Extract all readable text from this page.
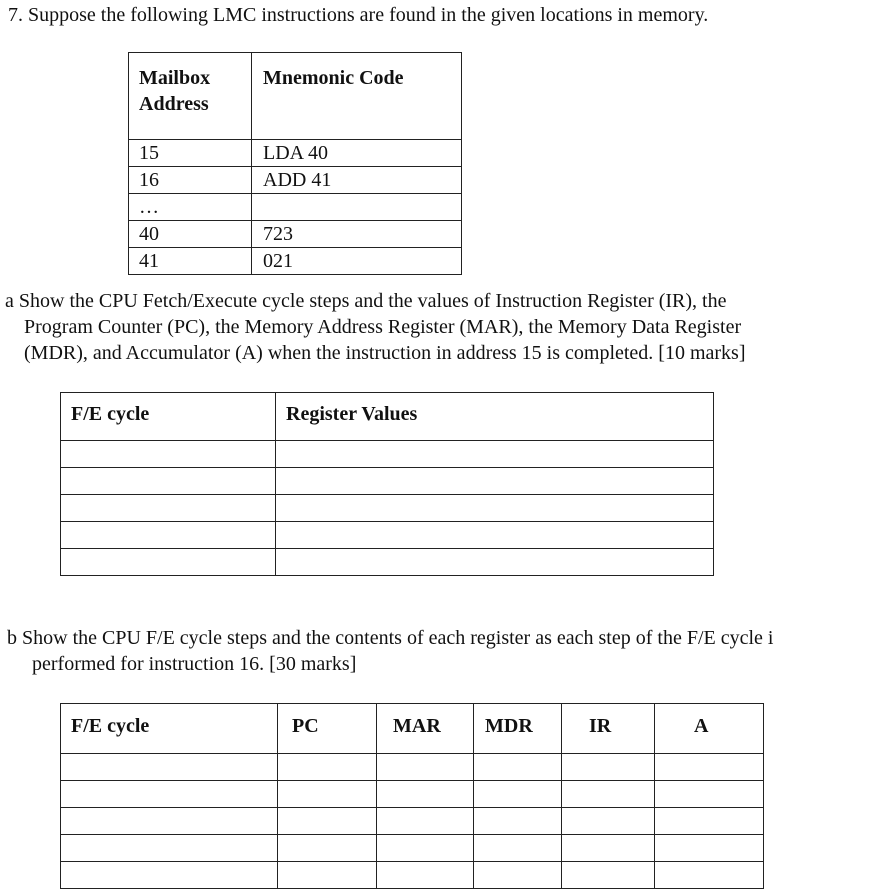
7. Suppose the following LMC instructions are found in the given locations in memory.
Mailbox
Address	Mnemonic Code
15	LDA 40
16	ADD 41
…	
40	723
41	021
a Show the CPU Fetch/Execute cycle steps and the values of Instruction Register (IR), the
Program Counter (PC), the Memory Address Register (MAR), the Memory Data Register
(MDR), and Accumulator (A) when the instruction in address 15 is completed. [10 marks]
F/E cycle	Register Values

b Show the CPU F/E cycle steps and the contents of each register as each step of the F/E cycle i
performed for instruction 16. [30 marks]
F/E cycle	PC	MAR	MDR	IR	A
